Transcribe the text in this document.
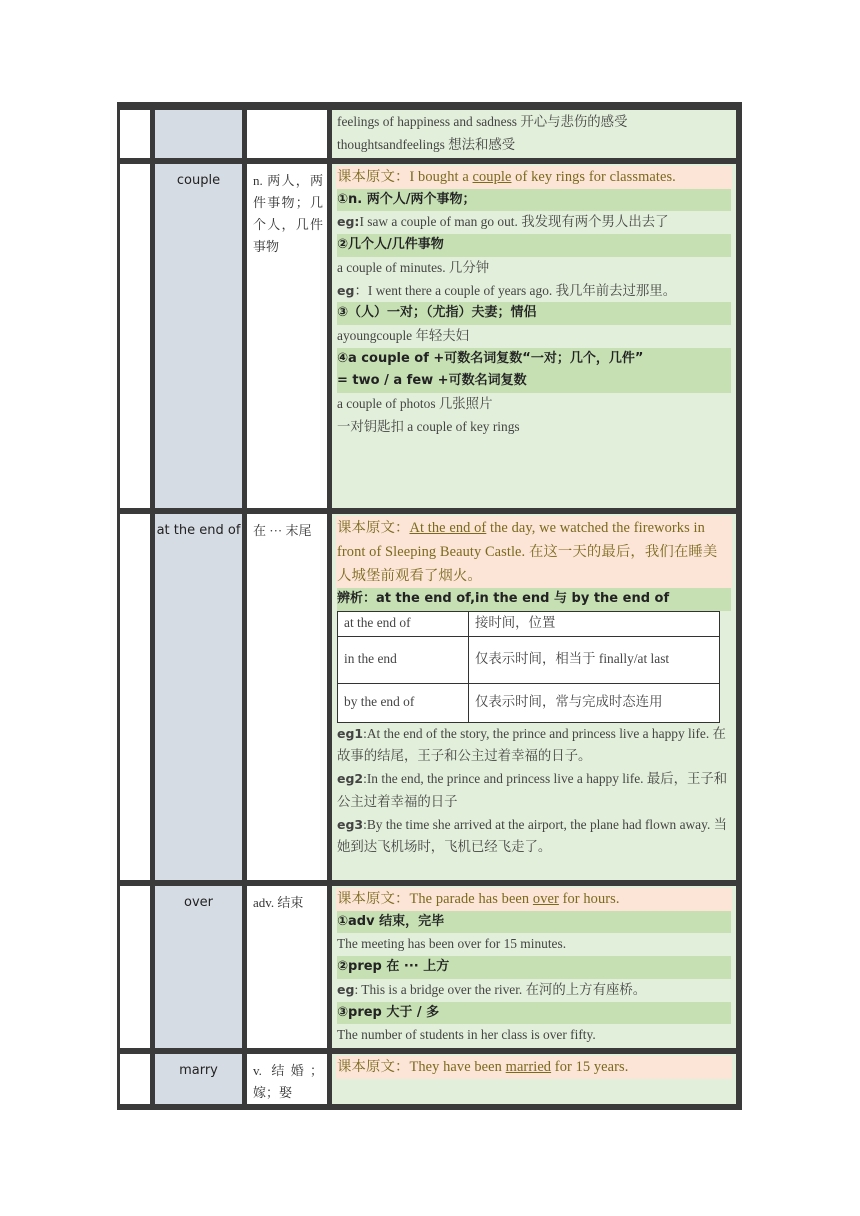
feelings of happiness and sadness 开心与悲伤的感受
thoughtsandfeelings 想法和感受
couple	n. 两人，两件事物；几个人，几件事物
课本原文：I bought a couple of key rings for classmates.
①n. 两个人/两个事物；
eg:I saw a couple of man go out. 我发现有两个男人出去了
②几个人/几件事物
a couple of minutes. 几分钟
eg：I went there a couple of years ago. 我几年前去过那里。
③（人）一对；（尤指）夫妻；情侣
ayoungcouple 年轻夫妇
④a couple of +可数名词复数“一对；几个，几件”
= two / a few +可数名词复数
a couple of photos 几张照片
一对钥匙扣 a couple of key rings
at the end of 在 ··· 末尾	课本原文：At the end of the day, we watched the fireworks in front of Sleeping Beauty Castle. 在这一天的最后，我们在睡美人城堡前观看了烟火。
辨析：at the end of,in the end 与 by the end of
at the end of	接时间，位置
in the end	仅表示时间，相当于 finally/at last
by the end of	仅表示时间，常与完成时态连用
eg1:At the end of the story, the prince and princess live a happy life. 在故事的结尾，王子和公主过着幸福的日子。
eg2:In the end, the prince and princess live a happy life. 最后，王子和公主过着幸福的日子
eg3:By the time she arrived at the airport, the plane had flown away. 当她到达飞机场时，飞机已经飞走了。
over	adv. 结束	课本原文：The parade has been over for hours.
①adv 结束，完毕
The meeting has been over for 15 minutes.
②prep 在 ··· 上方
eg: This is a bridge over the river. 在河的上方有座桥。
③prep 大于 / 多
The number of students in her class is over fifty.
marry	v. 结婚；嫁；娶
课本原文：They have been married for 15 years.
